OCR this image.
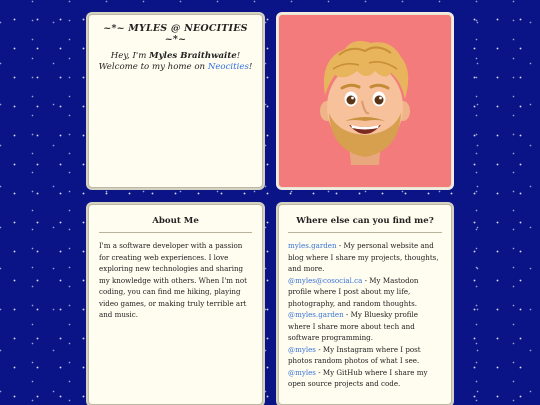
~*~ MYLES @ NEOCITIES ~*~

Hey, I'm Myles Braithwaite!

Welcome to my home on Neocities!

About Me

I'm a software developer with a passion for creating web experiences. I love exploring new technologies and sharing my knowledge with others. When I'm not coding, you can find me hiking, playing video games, or making truly terrible art and music.

Where else can you find me?

myles.garden - My personal website and blog where I share my projects, thoughts, and more.

@myles@cosocial.ca - My Mastodon profile where I post about my life, photography, and random thoughts.

@myles.garden - My Bluesky profile where I share more about tech and software programming.

@myles - My Instagram where I post photos random photos of what I see.

@myles - My GitHub where I share my open source projects and code.
